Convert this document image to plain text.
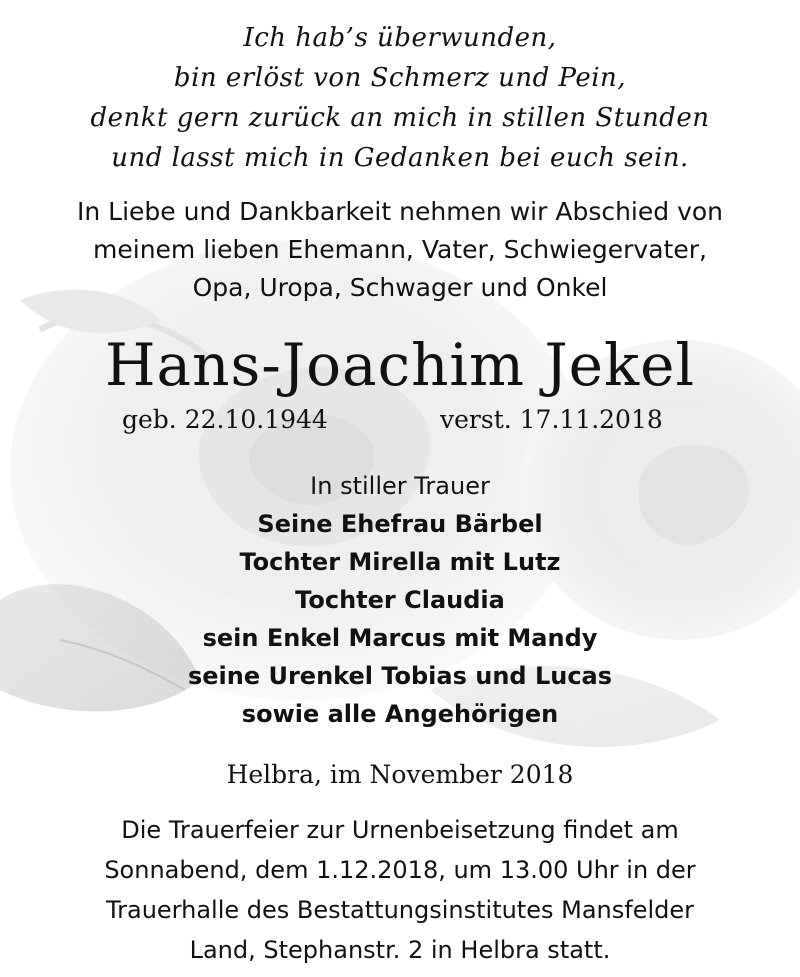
Ich hab’s überwunden,
bin erlöst von Schmerz und Pein,
denkt gern zurück an mich in stillen Stunden
und lasst mich in Gedanken bei euch sein.
In Liebe und Dankbarkeit nehmen wir Abschied von
meinem lieben Ehemann, Vater, Schwiegervater,
Opa, Uropa, Schwager und Onkel
Hans-Joachim Jekel
geb. 22.10.1944	verst. 17.11.2018
In stiller Trauer
Seine Ehefrau Bärbel
Tochter Mirella mit Lutz
Tochter Claudia
sein Enkel Marcus mit Mandy
seine Urenkel Tobias und Lucas
sowie alle Angehörigen
Helbra, im November 2018
Die Trauerfeier zur Urnenbeisetzung findet am
Sonnabend, dem 1.12.2018, um 13.00 Uhr in der
Trauerhalle des Bestattungsinstitutes Mansfelder
Land, Stephanstr. 2 in Helbra statt.
